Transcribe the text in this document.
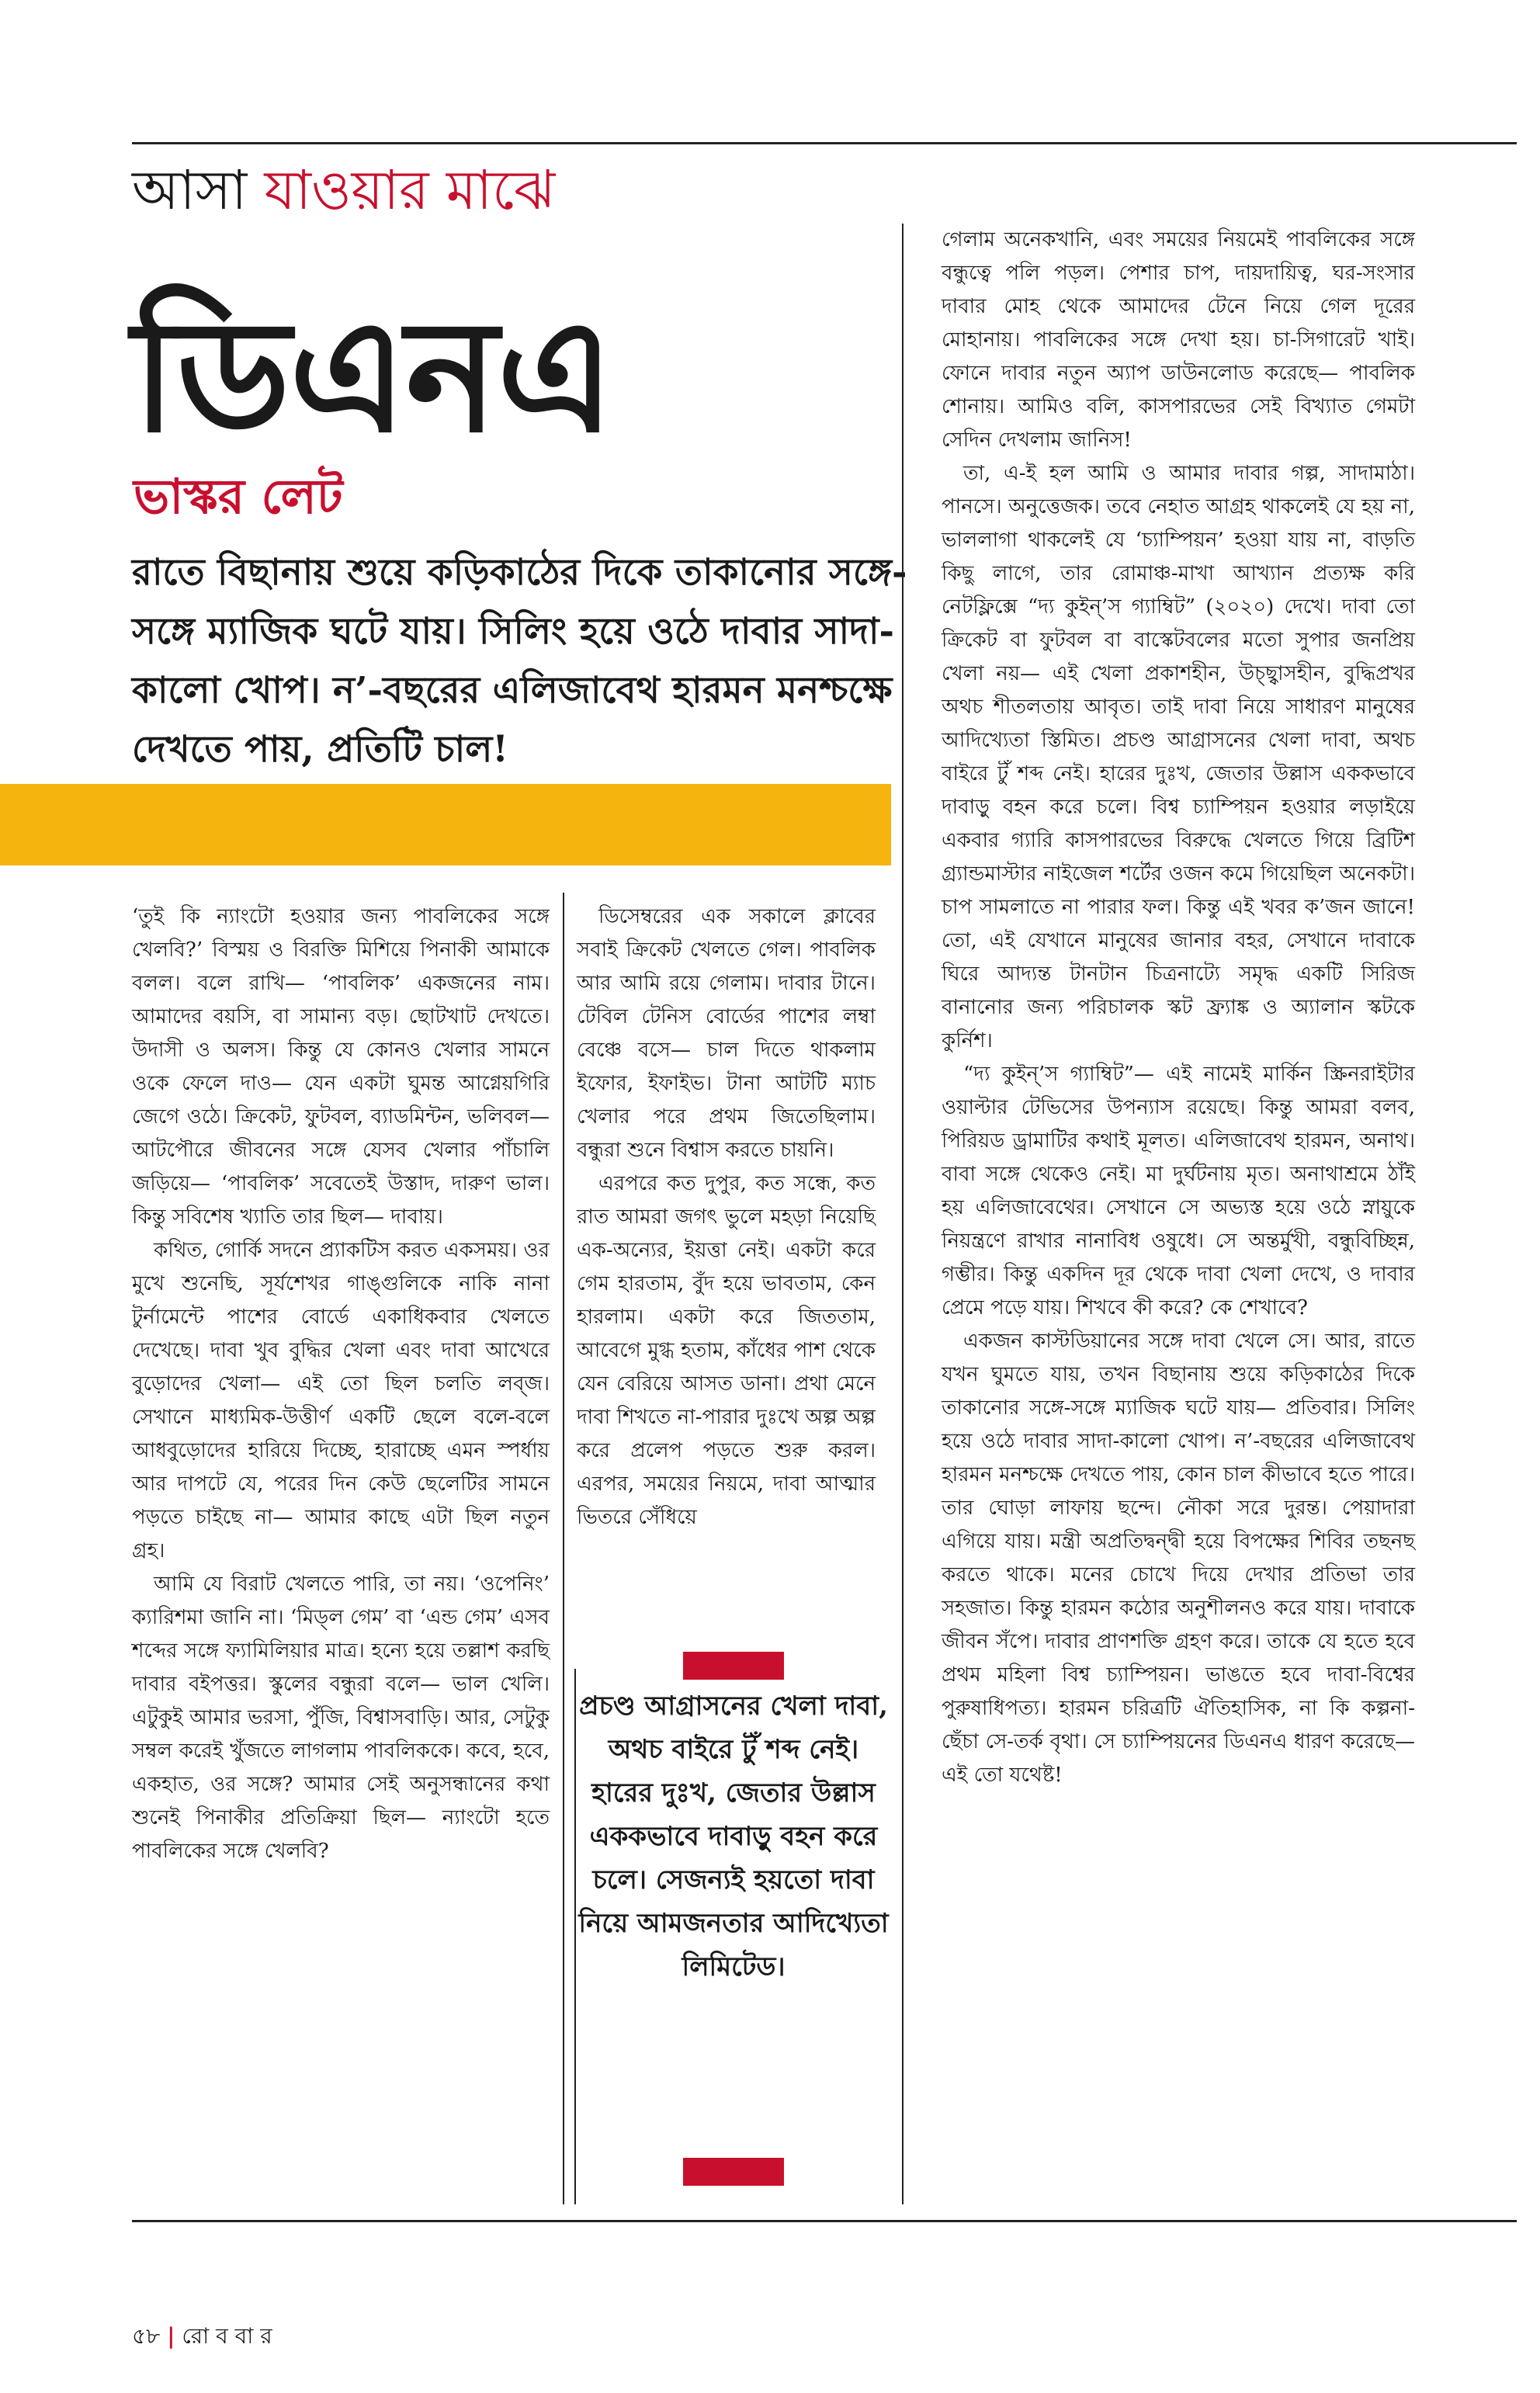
আসা যাওয়ার মাঝে
ডিএনএ
ভাস্কর লেট
রাতে বিছানায় শুয়ে কড়িকাঠের দিকে তাকানোর সঙ্গে-সঙ্গে ম্যাজিক ঘটে যায়। সিলিং হয়ে ওঠে দাবার সাদা-কালো খোপ। ন’-বছরের এলিজাবেথ হারমন মনশ্চক্ষে দেখতে পায়, প্রতিটি চাল!

‘তুই কি ন্যাংটো হওয়ার জন্য পাবলিকের সঙ্গে খেলবি?’ বিস্ময় ও বিরক্তি মিশিয়ে পিনাকী আমাকে বলল। বলে রাখি— ‘পাবলিক’ একজনের নাম। আমাদের বয়সি, বা সামান্য বড়। ছোটখাট দেখতে। উদাসী ও অলস। কিন্তু যে কোনও খেলার সামনে ওকে ফেলে দাও— যেন একটা ঘুমন্ত আগ্নেয়গিরি জেগে ওঠে। ক্রিকেট, ফুটবল, ব্যাডমিন্টন, ভলিবল— আটপৌরে জীবনের সঙ্গে যেসব খেলার পাঁচালি জড়িয়ে— ‘পাবলিক’ সবেতেই উস্তাদ, দারুণ ভাল। কিন্তু সবিশেষ খ্যাতি তার ছিল— দাবায়।

কথিত, গোর্কি সদনে প্র্যাকটিস করত একসময়। ওর মুখে শুনেছি, সূর্যশেখর গাঙ্গুলিকে নাকি নানা টুর্নামেন্টে পাশের বোর্ডে একাধিকবার খেলতে দেখেছে। দাবা খুব বুদ্ধির খেলা এবং দাবা আখেরে বুড়োদের খেলা— এই তো ছিল চলতি লব্‌জ। সেখানে মাধ্যমিক-উত্তীর্ণ একটি ছেলে বলে-বলে আধবুড়োদের হারিয়ে দিচ্ছে, হারাচ্ছে এমন স্পর্ধায় আর দাপটে যে, পরের দিন কেউ ছেলেটির সামনে পড়তে চাইছে না— আমার কাছে এটা ছিল নতুন গ্রহ।

আমি যে বিরাট খেলতে পারি, তা নয়। ‘ওপেনিং’ ক্যারিশমা জানি না। ‘মিড্‌ল গেম’ বা ‘এন্ড গেম’ এসব শব্দের সঙ্গে ফ্যামিলিয়ার মাত্র। হন্যে হয়ে তল্লাশ করছি দাবার বইপত্তর। স্কুলের বন্ধুরা বলে— ভাল খেলি। এটুকুই আমার ভরসা, পুঁজি, বিশ্বাসবাড়ি। আর, সেটুকু সম্বল করেই খুঁজতে লাগলাম পাবলিককে। কবে, হবে, একহাত, ওর সঙ্গে? আমার সেই অনুসন্ধানের কথা শুনেই পিনাকীর প্রতিক্রিয়া ছিল— ন্যাংটো হতে পাবলিকের সঙ্গে খেলবি?

ডিসেম্বরের এক সকালে ক্লাবের সবাই ক্রিকেট খেলতে গেল। পাবলিক আর আমি রয়ে গেলাম। দাবার টানে। টেবিল টেনিস বোর্ডের পাশের লম্বা বেঞ্চে বসে— চাল দিতে থাকলাম ইফোর, ইফাইভ। টানা আটটি ম্যাচ খেলার পরে প্রথম জিতেছিলাম। বন্ধুরা শুনে বিশ্বাস করতে চায়নি।

এরপরে কত দুপুর, কত সন্ধে, কত রাত আমরা জগৎ ভুলে মহড়া নিয়েছি এক-অন্যের, ইয়ত্তা নেই। একটা করে গেম হারতাম, বুঁদ হয়ে ভাবতাম, কেন হারলাম। একটা করে জিততাম, আবেগে মুগ্ধ হতাম, কাঁধের পাশ থেকে যেন বেরিয়ে আসত ডানা। প্রথা মেনে দাবা শিখতে না-পারার দুঃখে অল্প অল্প করে প্রলেপ পড়তে শুরু করল। এরপর, সময়ের নিয়মে, দাবা আত্মার ভিতরে সেঁধিয়ে

গেলাম অনেকখানি, এবং সময়ের নিয়মেই পাবলিকের সঙ্গে বন্ধুত্বে পলি পড়ল। পেশার চাপ, দায়দায়িত্ব, ঘর-সংসার দাবার মোহ থেকে আমাদের টেনে নিয়ে গেল দূরের মোহানায়। পাবলিকের সঙ্গে দেখা হয়। চা-সিগারেট খাই। ফোনে দাবার নতুন অ্যাপ ডাউনলোড করেছে— পাবলিক শোনায়। আমিও বলি, কাসপারভের সেই বিখ্যাত গেমটা সেদিন দেখলাম জানিস!

তা, এ-ই হল আমি ও আমার দাবার গল্প, সাদামাঠা। পানসে। অনুত্তেজক। তবে নেহাত আগ্রহ থাকলেই যে হয় না, ভাললাগা থাকলেই যে ‘চ্যাম্পিয়ন’ হওয়া যায় না, বাড়তি কিছু লাগে, তার রোমাঞ্চ-মাখা আখ্যান প্রত্যক্ষ করি নেটফ্লিক্সে “দ্য কুইন্‌’স গ্যাম্বিট” (২০২০) দেখে। দাবা তো ক্রিকেট বা ফুটবল বা বাস্কেটবলের মতো সুপার জনপ্রিয় খেলা নয়— এই খেলা প্রকাশহীন, উচ্ছ্বাসহীন, বুদ্ধিপ্রখর অথচ শীতলতায় আবৃত। তাই দাবা নিয়ে সাধারণ মানুষের আদিখ্যেতা স্তিমিত। প্রচণ্ড আগ্রাসনের খেলা দাবা, অথচ বাইরে টুঁ শব্দ নেই। হারের দুঃখ, জেতার উল্লাস এককভাবে দাবাড়ু বহন করে চলে। বিশ্ব চ্যাম্পিয়ন হওয়ার লড়াইয়ে একবার গ্যারি কাসপারভের বিরুদ্ধে খেলতে গিয়ে ব্রিটিশ গ্র্যান্ডমাস্টার নাইজেল শর্টের ওজন কমে গিয়েছিল অনেকটা। চাপ সামলাতে না পারার ফল। কিন্তু এই খবর ক’জন জানে! তো, এই যেখানে মানুষের জানার বহর, সেখানে দাবাকে ঘিরে আদ্যন্ত টানটান চিত্রনাট্যে সমৃদ্ধ একটি সিরিজ বানানোর জন্য পরিচালক স্কট ফ্র্যাঙ্ক ও অ্যালান স্কটকে কুর্নিশ।

“দ্য কুইন্‌’স গ্যাম্বিট”— এই নামেই মার্কিন স্ক্রিনরাইটার ওয়াল্টার টেভিসের উপন্যাস রয়েছে। কিন্তু আমরা বলব, পিরিয়ড ড্রামাটির কথাই মূলত। এলিজাবেথ হারমন, অনাথ। বাবা সঙ্গে থেকেও নেই। মা দুর্ঘটনায় মৃত। অনাথাশ্রমে ঠাঁই হয় এলিজাবেথের। সেখানে সে অভ্যস্ত হয়ে ওঠে স্নায়ুকে নিয়ন্ত্রণে রাখার নানাবিধ ওষুধে। সে অন্তর্মুখী, বন্ধুবিচ্ছিন্ন, গম্ভীর। কিন্তু একদিন দূর থেকে দাবা খেলা দেখে, ও দাবার প্রেমে পড়ে যায়। শিখবে কী করে? কে শেখাবে?

একজন কাস্টডিয়ানের সঙ্গে দাবা খেলে সে। আর, রাতে যখন ঘুমতে যায়, তখন বিছানায় শুয়ে কড়িকাঠের দিকে তাকানোর সঙ্গে-সঙ্গে ম্যাজিক ঘটে যায়— প্রতিবার। সিলিং হয়ে ওঠে দাবার সাদা-কালো খোপ। ন’-বছরের এলিজাবেথ হারমন মনশ্চক্ষে দেখতে পায়, কোন চাল কীভাবে হতে পারে। তার ঘোড়া লাফায় ছন্দে। নৌকা সরে দুরন্ত। পেয়াদারা এগিয়ে যায়। মন্ত্রী অপ্রতিদ্বন্দ্বী হয়ে বিপক্ষের শিবির তছনছ করতে থাকে। মনের চোখে দিয়ে দেখার প্রতিভা তার সহজাত। কিন্তু হারমন কঠোর অনুশীলনও করে যায়। দাবাকে জীবন সঁপে। দাবার প্রাণশক্তি গ্রহণ করে। তাকে যে হতে হবে প্রথম মহিলা বিশ্ব চ্যাম্পিয়ন। ভাঙতে হবে দাবা-বিশ্বের পুরুষাধিপত্য। হারমন চরিত্রটি ঐতিহাসিক, না কি কল্পনা-ছেঁচা সে-তর্ক বৃথা। সে চ্যাম্পিয়নের ডিএনএ ধারণ করেছে— এই তো যথেষ্ট!

প্রচণ্ড আগ্রাসনের খেলা দাবা, অথচ বাইরে টুঁ শব্দ নেই। হারের দুঃখ, জেতার উল্লাস এককভাবে দাবাড়ু বহন করে চলে। সেজন্যই হয়তো দাবা নিয়ে আমজনতার আদিখ্যেতা লিমিটেড।
৫৮ | রো ব বা র
